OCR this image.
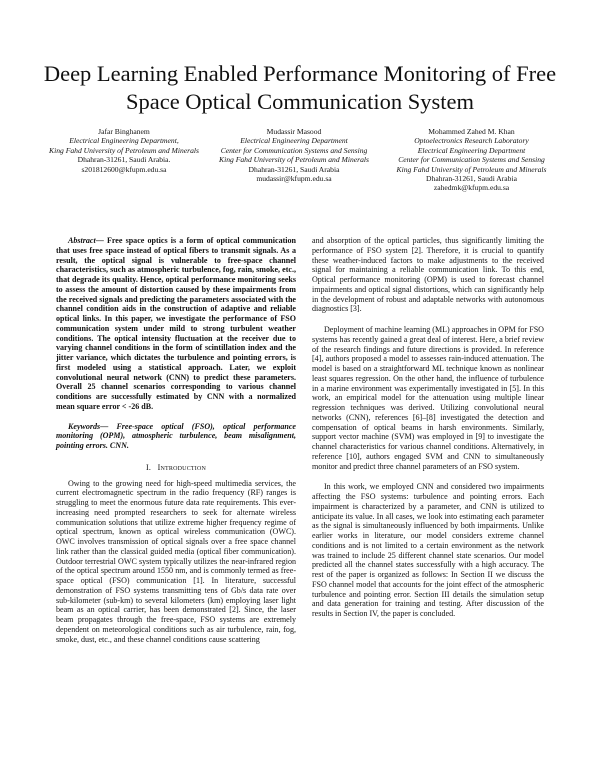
Deep Learning Enabled Performance Monitoring of Free Space Optical Communication System
Jafar Binghanem
Electrical Engineering Department,
King Fahd University of Petroleum and Minerals
Dhahran-31261, Saudi Arabia.
s201812600@kfupm.edu.sa
Mudassir Masood
Electrical Engineering Department
Center for Communication Systems and Sensing
King Fahd University of Petroleum and Minerals
Dhahran-31261, Saudi Arabia
mudassir@kfupm.edu.sa
Mohammed Zahed M. Khan
Optoelectronics Research Laboratory
Electrical Engineering Department
Center for Communication Systems and Sensing
King Fahd University of Petroleum and Minerals
Dhahran-31261, Saudi Arabia
zahedmk@kfupm.edu.sa

Abstract— Free space optics is a form of optical communication that uses free space instead of optical fibers to transmit signals. As a result, the optical signal is vulnerable to free-space channel characteristics, such as atmospheric turbulence, fog, rain, smoke, etc., that degrade its quality. Hence, optical performance monitoring seeks to assess the amount of distortion caused by these impairments from the received signals and predicting the parameters associated with the channel condition aids in the construction of adaptive and reliable optical links. In this paper, we investigate the performance of FSO communication system under mild to strong turbulent weather conditions. The optical intensity fluctuation at the receiver due to varying channel conditions in the form of scintillation index and the jitter variance, which dictates the turbulence and pointing errors, is first modeled using a statistical approach. Later, we exploit convolutional neural network (CNN) to predict these parameters. Overall 25 channel scenarios corresponding to various channel conditions are successfully estimated by CNN with a normalized mean square error < -26 dB.

Keywords— Free-space optical (FSO), optical performance monitoring (OPM), atmospheric turbulence, beam misalignment, pointing errors. CNN.

I. Introduction

Owing to the growing need for high-speed multimedia services, the current electromagnetic spectrum in the radio frequency (RF) ranges is struggling to meet the enormous future data rate requirements. This ever-increasing need prompted researchers to seek for alternate wireless communication solutions that utilize extreme higher frequency regime of optical spectrum, known as optical wireless communication (OWC). OWC involves transmission of optical signals over a free space channel link rather than the classical guided media (optical fiber communication). Outdoor terrestrial OWC system typically utilizes the near-infrared region of the optical spectrum around 1550 nm, and is commonly termed as free-space optical (FSO) communication [1]. In literature, successful demonstration of FSO systems transmitting tens of Gb/s data rate over sub-kilometer (sub-km) to several kilometers (km) employing laser light beam as an optical carrier, has been demonstrated [2]. Since, the laser beam propagates through the free-space, FSO systems are extremely dependent on meteorological conditions such as air turbulence, rain, fog, smoke, dust, etc., and these channel conditions cause scattering

and absorption of the optical particles, thus significantly limiting the performance of FSO system [2]. Therefore, it is crucial to quantify these weather-induced factors to make adjustments to the received signal for maintaining a reliable communication link. To this end, Optical performance monitoring (OPM) is used to forecast channel impairments and optical signal distortions, which can significantly help in the development of robust and adaptable networks with autonomous diagnostics [3].

Deployment of machine learning (ML) approaches in OPM for FSO systems has recently gained a great deal of interest. Here, a brief review of the research findings and future directions is provided. In reference [4], authors proposed a model to assesses rain-induced attenuation. The model is based on a straightforward ML technique known as nonlinear least squares regression. On the other hand, the influence of turbulence in a marine environment was experimentally investigated in [5]. In this work, an empirical model for the attenuation using multiple linear regression techniques was derived. Utilizing convolutional neural networks (CNN), references [6]–[8] investigated the detection and compensation of optical beams in harsh environments. Similarly, support vector machine (SVM) was employed in [9] to investigate the channel characteristics for various channel conditions. Alternatively, in reference [10], authors engaged SVM and CNN to simultaneously monitor and predict three channel parameters of an FSO system.

In this work, we employed CNN and considered two impairments affecting the FSO systems: turbulence and pointing errors. Each impairment is characterized by a parameter, and CNN is utilized to anticipate its value. In all cases, we look into estimating each parameter as the signal is simultaneously influenced by both impairments. Unlike earlier works in literature, our model considers extreme channel conditions and is not limited to a certain environment as the network was trained to include 25 different channel state scenarios. Our model predicted all the channel states successfully with a high accuracy. The rest of the paper is organized as follows: In Section II we discuss the FSO channel model that accounts for the joint effect of the atmospheric turbulence and pointing error. Section III details the simulation setup and data generation for training and testing. After discussion of the results in Section IV, the paper is concluded.
